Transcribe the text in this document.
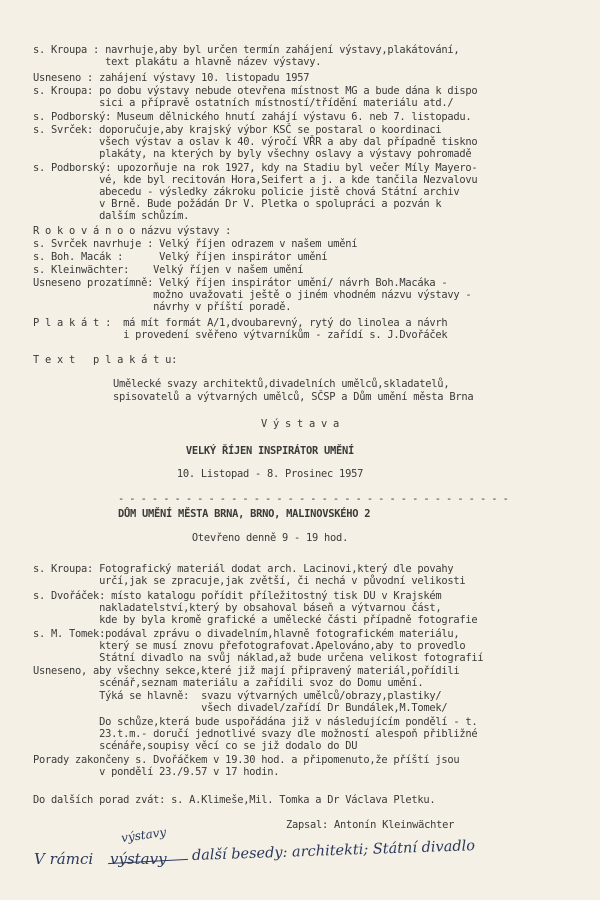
s. Kroupa : navrhuje,aby byl určen termín zahájení výstavy,plakátování,
text plakátu a hlavně název výstavy.
Usneseno : zahájení výstavy 10. listopadu 1957
s. Kroupa: po dobu výstavy nebude otevřena místnost MG a bude dána k dispo
sici a přípravě ostatních místností/třídění materiálu atd./
s. Podborský: Museum dělnického hnutí zahájí výstavu 6. neb 7. listopadu.
s. Svrček: doporučuje,aby krajský výbor KSČ se postaral o koordinaci
všech výstav a oslav k 40. výročí VŘR a aby dal případně tiskno
plakáty, na kterých by byly všechny oslavy a výstavy pohromadě
s. Podborský: upozorňuje na rok 1927, kdy na Stadiu byl večer Míly Mayero-
vé, kde byl recitován Hora,Seifert a j. a kde tančila Nezvalovu
abecedu - výsledky zákroku policie jistě chová Státní archiv
v Brně. Bude požádán Dr V. Pletka o spolupráci a pozván k
dalším schůzím.
R o k o v á n o o názvu výstavy :
s. Svrček navrhuje : Velký říjen odrazem v našem umění
s. Boh. Macák :      Velký říjen inspirátor umění
s. Kleinwächter:    Velký říjen v našem umění
Usneseno prozatímně: Velký říjen inspirátor umění/ návrh Boh.Macáka -
možno uvažovati ještě o jiném vhodném názvu výstavy -
návrhy v příští poradě.
P l a k á t :  má mít formát A/1,dvoubarevný, rytý do linolea a návrh
i provedení svěřeno výtvarníkům - zařídí s. J.Dvořáček
T e x t   p l a k á t u:
Umělecké svazy architektů,divadelních umělců,skladatelů,
spisovatelů a výtvarných umělců, SČSP a Dům umění města Brna
V ý s t a v a
VELKÝ ŘÍJEN INSPIRÁTOR UMĚNÍ
10. Listopad - 8. Prosinec 1957
- - - - - - - - - - - - - - - - - - - - - - - - - - - - - - - - - - -
DŮM UMĚNÍ MĚSTA BRNA, BRNO, MALINOVSKÉHO 2
Otevřeno denně 9 - 19 hod.
s. Kroupa: Fotografický materiál dodat arch. Lacinovi,který dle povahy
určí,jak se zpracuje,jak zvětší, či nechá v původní velikosti
s. Dvořáček: místo katalogu pořídit příležitostný tisk DU v Krajském
nakladatelství,který by obsahoval báseň a výtvarnou část,
kde by byla kromě grafické a umělecké části případně fotografie
s. M. Tomek:podával zprávu o divadelním,hlavně fotografickém materiálu,
který se musí znovu přefotografovat.Apelováno,aby to provedlo
Státní divadlo na svůj náklad,až bude určena velikost fotografií
Usneseno, aby všechny sekce,které již mají připravený materiál,pořídili
scénář,seznam materiálu a zařídili svoz do Domu umění.
Týká se hlavně:  svazu výtvarných umělců/obrazy,plastiky/
všech divadel/zařídí Dr Bundálek,M.Tomek/
Do schůze,která bude uspořádána již v následujícím pondělí - t.
23.t.m.- doručí jednotlivé svazy dle možností alespoň přibližné
scénáře,soupisy věcí co se již dodalo do DU
Porady zakončeny s. Dvořáčkem v 19.30 hod. a připomenuto,že příští jsou
v pondělí 23./9.57 v 17 hodin.
Do dalších porad zvát: s. A.Klimeše,Mil. Tomka a Dr Václava Pletku.
Zapsal: Antonín Kleinwächter
výstavy
V rámci výstavy další besedy: architekti; Státní divadlo
